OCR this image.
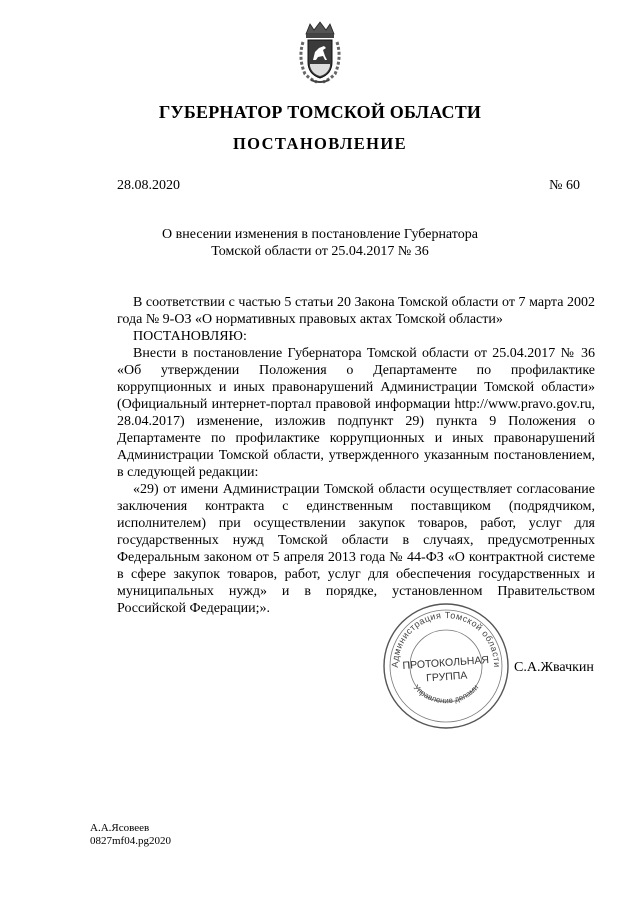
ГУБЕРНАТОР ТОМСКОЙ ОБЛАСТИ
ПОСТАНОВЛЕНИЕ
28.08.2020	№ 60
О внесении изменения в постановление Губернатора
Томской области от 25.04.2017 № 36

В соответствии с частью 5 статьи 20 Закона Томской области от 7 марта 2002 года № 9-ОЗ «О нормативных правовых актах Томской области»

ПОСТАНОВЛЯЮ:

Внести в постановление Губернатора Томской области от 25.04.2017 № 36 «Об утверждении Положения о Департаменте по профилактике коррупционных и иных правонарушений Администрации Томской области» (Официальный интернет-портал правовой информации http://www.pravo.gov.ru, 28.04.2017) изменение, изложив подпункт 29) пункта 9 Положения о Департаменте по профилактике коррупционных и иных правонарушений Администрации Томской области, утвержденного указанным постановлением, в следующей редакции:

«29) от имени Администрации Томской области осуществляет согласование заключения контракта с единственным поставщиком (подрядчиком, исполнителем) при осуществлении закупок товаров, работ, услуг для государственных нужд Томской области в случаях, предусмотренных Федеральным законом от 5 апреля 2013 года № 44-ФЗ «О контрактной системе в сфере закупок товаров, работ, услуг для обеспечения государственных и муниципальных нужд» и в порядке, установленном Правительством Российской Федерации;».

Администрация Томской области
Управление делами
ПРОТОКОЛЬНАЯ
ГРУППА
С.А.Жвачкин
А.А.Ясовеев
0827mf04.pg2020
